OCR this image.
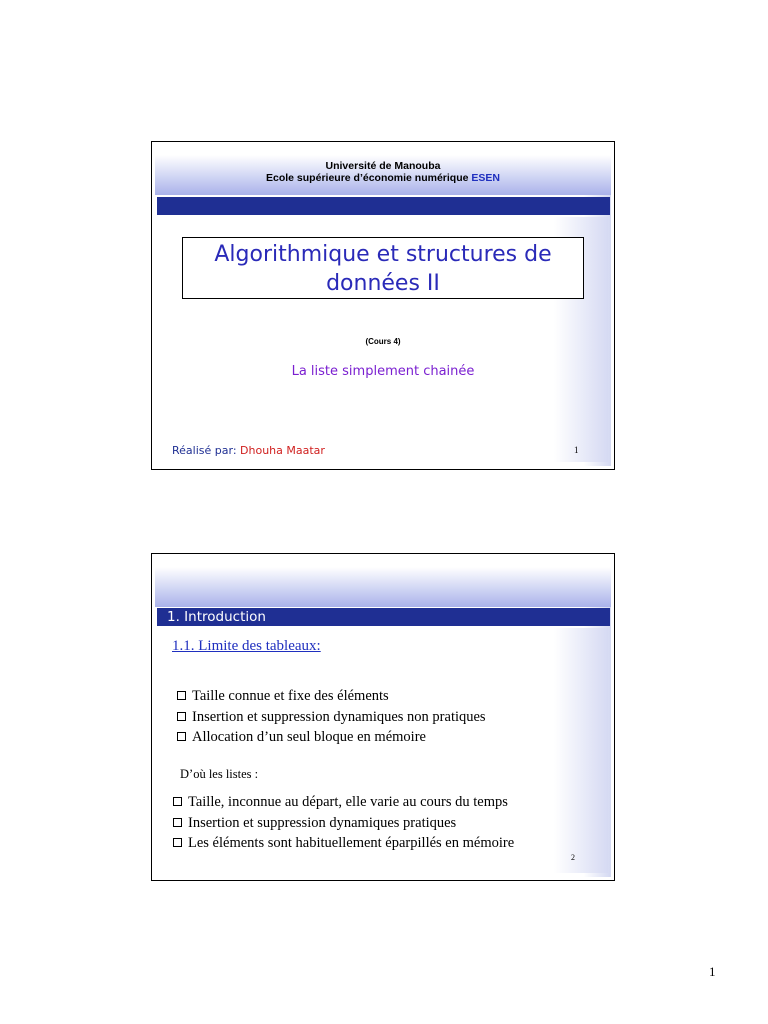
Université de Manouba
Ecole supérieure d’économie numérique ESEN
Algorithmique et structures de
données II
(Cours 4)
La liste simplement chainée
Réalisé par: Dhouha Maatar	1
1. Introduction
1.1. Limite des tableaux:
Taille connue et fixe des éléments
Insertion et suppression dynamiques non pratiques
Allocation d’un seul bloque en mémoire
D’où les listes :
Taille, inconnue au départ, elle varie au cours du temps
Insertion et suppression dynamiques pratiques
Les éléments sont habituellement éparpillés en mémoire
2
1
